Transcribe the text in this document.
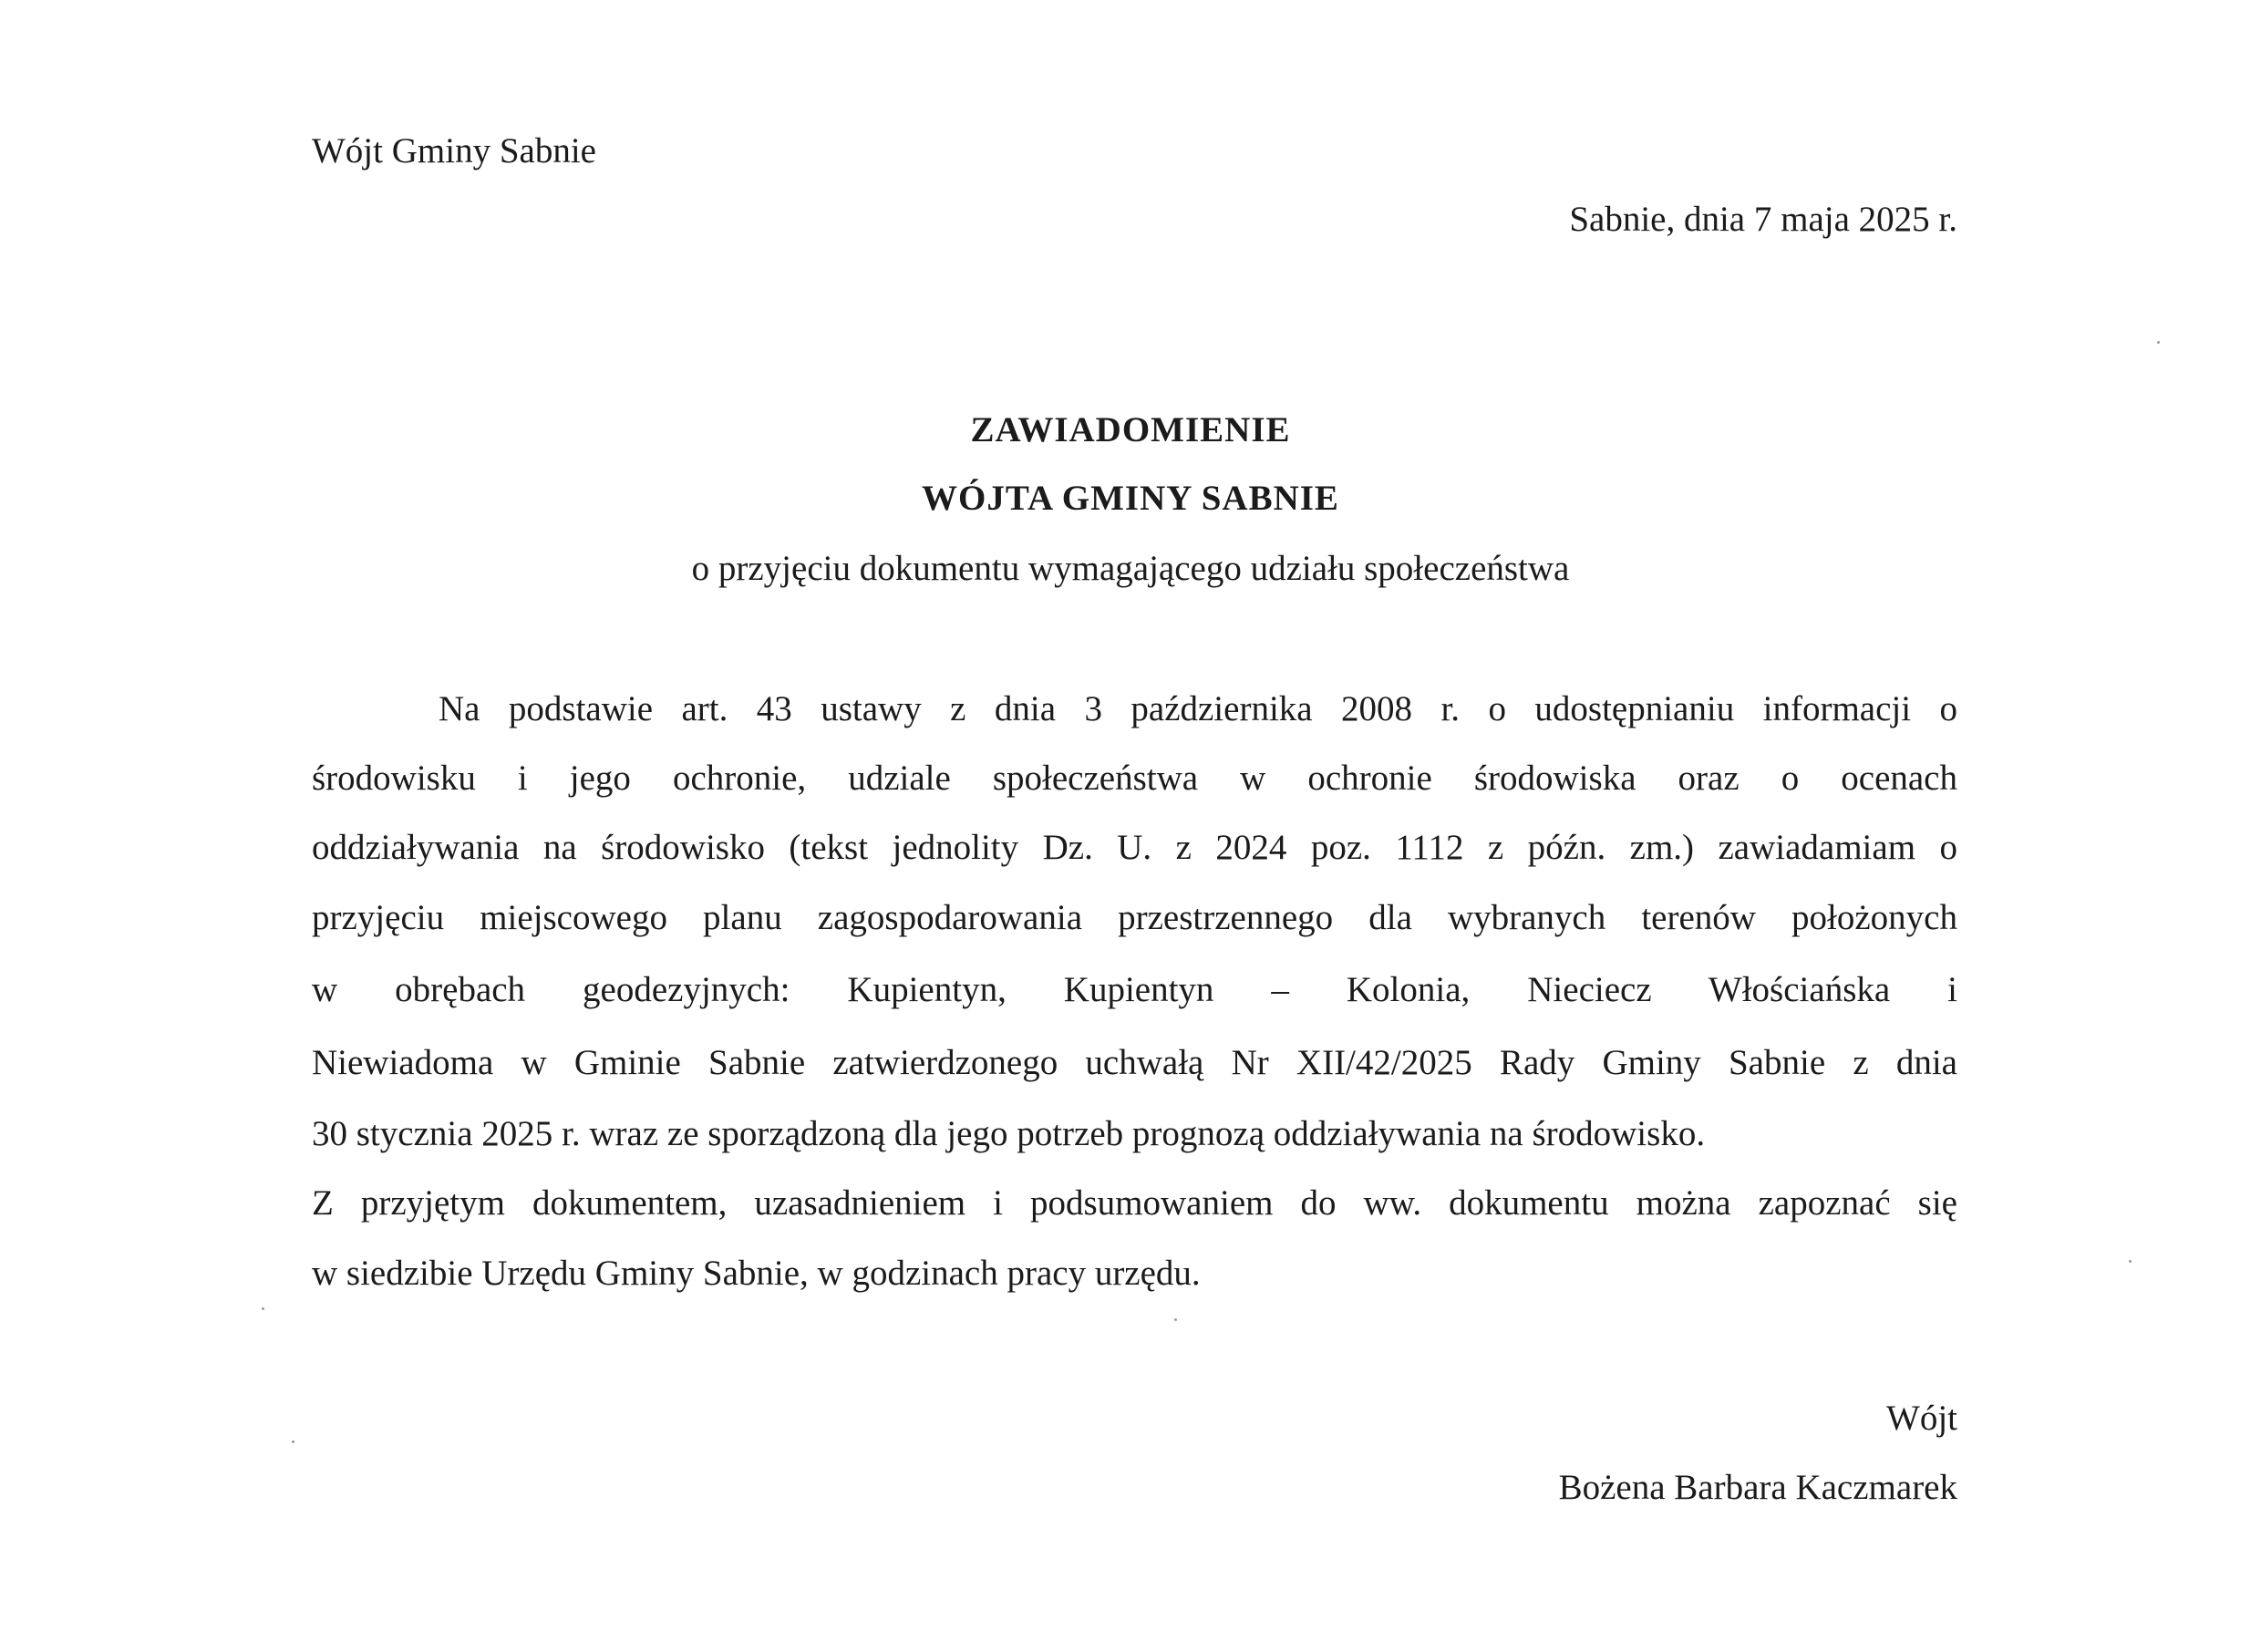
Wójt Gminy Sabnie
Sabnie, dnia 7 maja 2025 r.
ZAWIADOMIENIE
WÓJTA GMINY SABNIE
o przyjęciu dokumentu wymagającego udziału społeczeństwa
Na podstawie art. 43 ustawy z dnia 3 października 2008 r. o udostępnianiu informacji o
środowisku i jego ochronie, udziale społeczeństwa w ochronie środowiska oraz o ocenach
oddziaływania na środowisko (tekst jednolity Dz. U. z 2024 poz. 1112 z późn. zm.) zawiadamiam o
przyjęciu miejscowego planu zagospodarowania przestrzennego dla wybranych terenów położonych
w obrębach geodezyjnych: Kupientyn, Kupientyn – Kolonia, Nieciecz Włościańska i
Niewiadoma w Gminie Sabnie zatwierdzonego uchwałą Nr XII/42/2025 Rady Gminy Sabnie z dnia
30 stycznia 2025 r. wraz ze sporządzoną dla jego potrzeb prognozą oddziaływania na środowisko.
Z przyjętym dokumentem, uzasadnieniem i podsumowaniem do ww. dokumentu można zapoznać się
w siedzibie Urzędu Gminy Sabnie, w godzinach pracy urzędu.
Wójt
Bożena Barbara Kaczmarek
